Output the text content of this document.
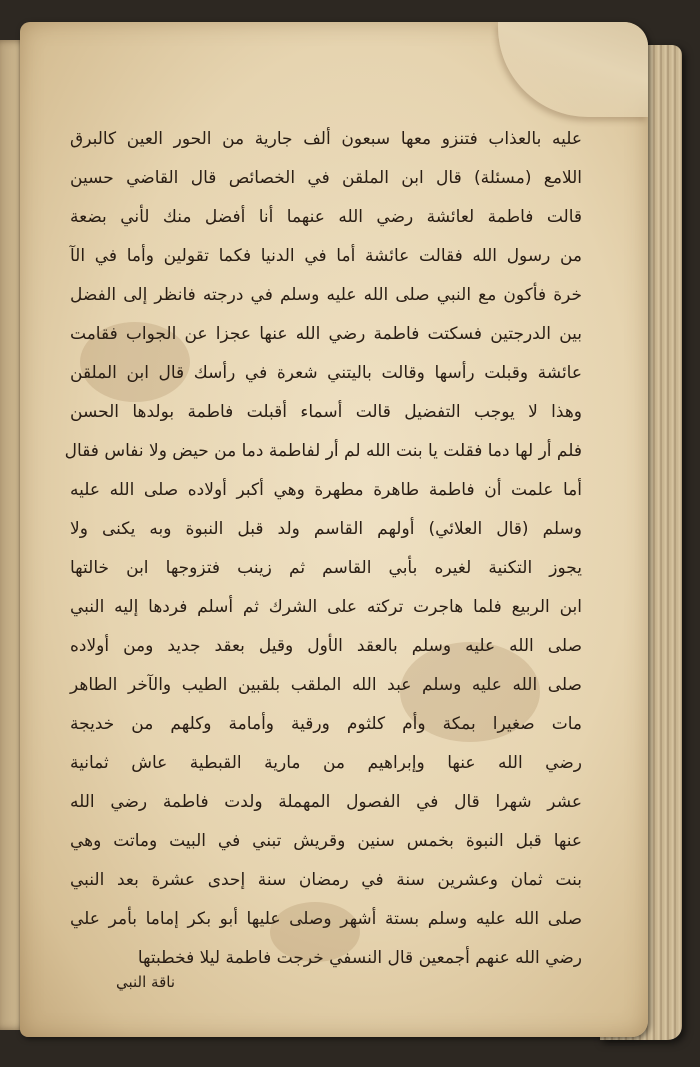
عليه بالعذاب فتنزو معها سبعون ألف جارية من الحور العين كالبرق
اللامع (مسئلة) قال ابن الملقن في الخصائص قال القاضي حسين
قالت فاطمة لعائشة رضي الله عنهما أنا أفضل منك لأني بضعة
من رسول الله فقالت عائشة أما في الدنيا فكما تقولين وأما في الآ
خرة فأكون مع النبي صلى الله عليه وسلم في درجته فانظر إلى الفضل
بين الدرجتين فسكتت فاطمة رضي الله عنها عجزا عن الجواب فقامت
عائشة وقبلت رأسها وقالت باليتني شعرة في رأسك قال ابن الملقن
وهذا لا يوجب التفضيل قالت أسماء أقبلت فاطمة بولدها الحسن
فلم أر لها دما فقلت يا بنت الله لم أر لفاطمة دما من حيض ولا نفاس فقال
أما علمت أن فاطمة طاهرة مطهرة وهي أكبر أولاده صلى الله عليه
وسلم (قال العلائي) أولهم القاسم ولد قبل النبوة وبه يكنى ولا
يجوز التكنية لغيره بأبي القاسم ثم زينب فتزوجها ابن خالتها
ابن الربيع فلما هاجرت تركته على الشرك ثم أسلم فردها إليه النبي
صلى الله عليه وسلم بالعقد الأول وقيل بعقد جديد ومن أولاده
صلى الله عليه وسلم عبد الله الملقب بلقبين الطيب والآخر الطاهر
مات صغيرا بمكة وأم كلثوم ورقية وأمامة وكلهم من خديجة
رضي الله عنها وإبراهيم من مارية القبطية عاش ثمانية
عشر شهرا قال في الفصول المهملة ولدت فاطمة رضي الله
عنها قبل النبوة بخمس سنين وقريش تبني في البيت وماتت وهي
بنت ثمان وعشرين سنة في رمضان سنة إحدى عشرة بعد النبي
صلى الله عليه وسلم بستة أشهر وصلى عليها أبو بكر إماما بأمر علي
رضي الله عنهم أجمعين قال النسفي خرجت فاطمة ليلا فخطبتها
ناقة النبي
